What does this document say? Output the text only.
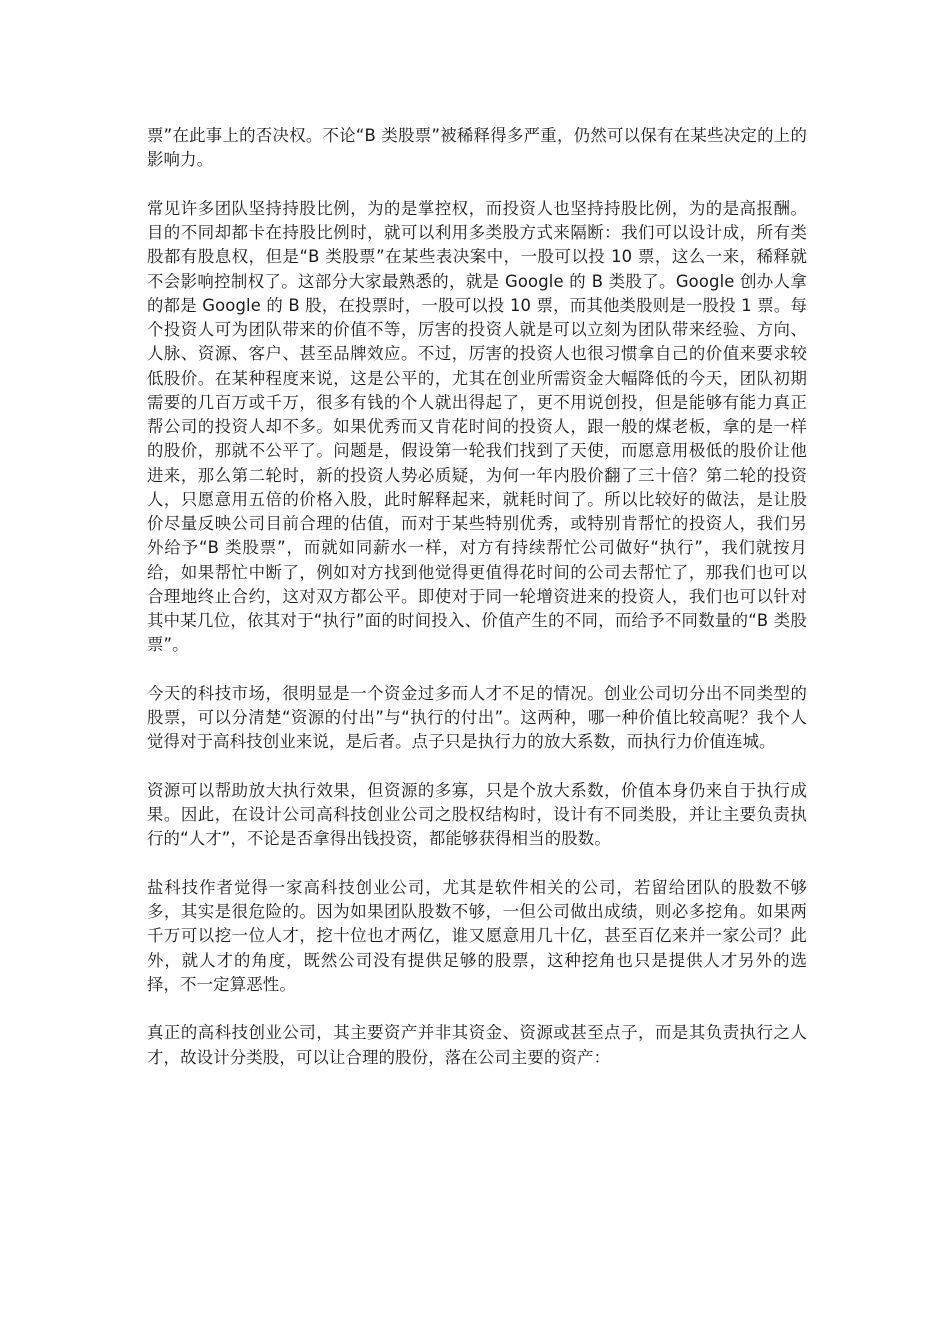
票”在此事上的否决权。不论“B 类股票”被稀释得多严重，仍然可以保有在某些决定的上的影响力。

常见许多团队坚持持股比例，为的是掌控权，而投资人也坚持持股比例，为的是高报酬。目的不同却都卡在持股比例时，就可以利用多类股方式来隔断：我们可以设计成，所有类股都有股息权，但是“B 类股票”在某些表决案中，一股可以投 10 票，这么一来，稀释就不会影响控制权了。这部分大家最熟悉的，就是 Google 的 B 类股了。Google 创办人拿的都是 Google 的 B 股，在投票时，一股可以投 10 票，而其他类股则是一股投 1 票。每个投资人可为团队带来的价值不等，厉害的投资人就是可以立刻为团队带来经验、方向、人脉、资源、客户、甚至品牌效应。不过，厉害的投资人也很习惯拿自己的价值来要求较低股价。在某种程度来说，这是公平的，尤其在创业所需资金大幅降低的今天，团队初期需要的几百万或千万，很多有钱的个人就出得起了，更不用说创投，但是能够有能力真正帮公司的投资人却不多。如果优秀而又肯花时间的投资人，跟一般的煤老板，拿的是一样的股价，那就不公平了。问题是，假设第一轮我们找到了天使，而愿意用极低的股价让他进来，那么第二轮时，新的投资人势必质疑，为何一年内股价翻了三十倍？第二轮的投资人，只愿意用五倍的价格入股，此时解释起来，就耗时间了。所以比较好的做法，是让股价尽量反映公司目前合理的估值，而对于某些特别优秀，或特别肯帮忙的投资人，我们另外给予“B 类股票”，而就如同薪水一样，对方有持续帮忙公司做好“执行”，我们就按月给，如果帮忙中断了，例如对方找到他觉得更值得花时间的公司去帮忙了，那我们也可以合理地终止合约，这对双方都公平。即使对于同一轮增资进来的投资人，我们也可以针对其中某几位，依其对于“执行”面的时间投入、价值产生的不同，而给予不同数量的“B 类股票”。

今天的科技市场，很明显是一个资金过多而人才不足的情况。创业公司切分出不同类型的股票，可以分清楚“资源的付出”与“执行的付出”。这两种，哪一种价值比较高呢？我个人觉得对于高科技创业来说，是后者。点子只是执行力的放大系数，而执行力价值连城。

资源可以帮助放大执行效果，但资源的多寡，只是个放大系数，价值本身仍来自于执行成果。因此，在设计公司高科技创业公司之股权结构时，设计有不同类股，并让主要负责执行的“人才”，不论是否拿得出钱投资，都能够获得相当的股数。

盐科技作者觉得一家高科技创业公司，尤其是软件相关的公司，若留给团队的股数不够多，其实是很危险的。因为如果团队股数不够，一但公司做出成绩，则必多挖角。如果两千万可以挖一位人才，挖十位也才两亿，谁又愿意用几十亿，甚至百亿来并一家公司？此外，就人才的角度，既然公司没有提供足够的股票，这种挖角也只是提供人才另外的选择，不一定算恶性。

真正的高科技创业公司，其主要资产并非其资金、资源或甚至点子，而是其负责执行之人才，故设计分类股，可以让合理的股份，落在公司主要的资产：
